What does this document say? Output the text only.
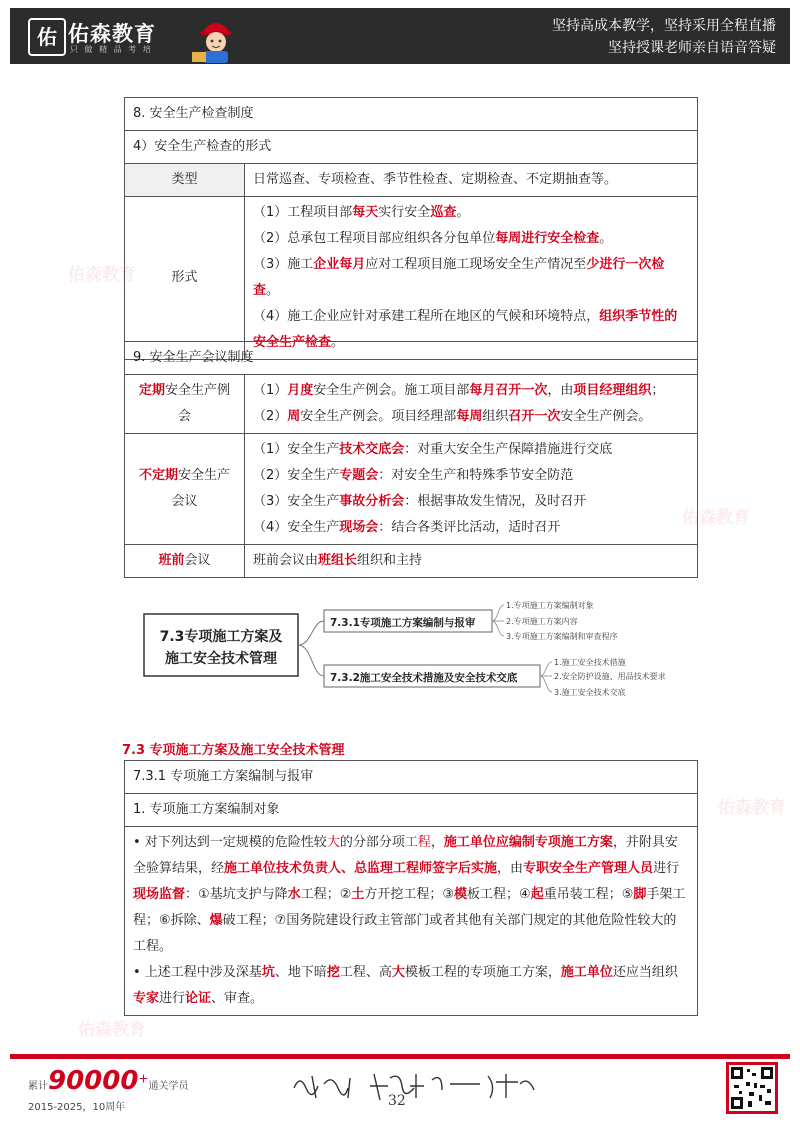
佑 佑森教育
只 做 精 品 考 培
坚持高成本教学，坚持采用全程直播
坚持授课老师亲自语音答疑
佑森教育
佑森教育
佑森教育
佑森教育
8. 安全生产检查制度	
4）安全生产检查的形式	
类型	日常巡查、专项检查、季节性检查、定期检查、不定期抽查等。
形式	（1）工程项目部每天实行安全巡查。
（2）总承包工程项目部应组织各分包单位每周进行安全检查。
（3）施工企业每月应对工程项目施工现场安全生产情况至少进行一次检查。
（4）施工企业应针对承建工程所在地区的气候和环境特点，组织季节性的安全生产检查。
9. 安全生产会议制度	
定期安全生产例会	（1）月度安全生产例会。施工项目部每月召开一次，由项目经理组织；
（2）周安全生产例会。项目经理部每周组织召开一次安全生产例会。

不定期安全生产会议	（1）安全生产技术交底会：对重大安全生产保障措施进行交底
（2）安全生产专题会：对安全生产和特殊季节安全防范
（3）安全生产事故分析会：根据事故发生情况，及时召开
（4）安全生产现场会：结合各类评比活动，适时召开

班前会议	班前会议由班组长组织和主持
7.3专项施工方案及
施工安全技术管理
7.3.1专项施工方案编制与报审
7.3.2施工安全技术措施及安全技术交底
1.专项施工方案编制对象
2.专项施工方案内容
3.专项施工方案编制和审查程序
1.施工安全技术措施
2.安全防护设施、用品技术要求
3.施工安全技术交底
7.3 专项施工方案及施工安全技术管理
7.3.1 专项施工方案编制与报审
1. 专项施工方案编制对象

• 对下列达到一定规模的危险性较大的分部分项工程，施工单位应编制专项施工方案，并附具安全验算结果，经施工单位技术负责人、总监理工程师签字后实施，由专职安全生产管理人员进行现场监督：①基坑支护与降水工程；②土方开挖工程；③模板工程；④起重吊装工程；⑤脚手架工程；⑥拆除、爆破工程；⑦国务院建设行政主管部门或者其他有关部门规定的其他危险性较大的工程。
• 上述工程中涉及深基坑、地下暗挖工程、高大模板工程的专项施工方案，施工单位还应当组织专家进行论证、审查。
累计90000+通关学员
2015-2025，10周年	32
